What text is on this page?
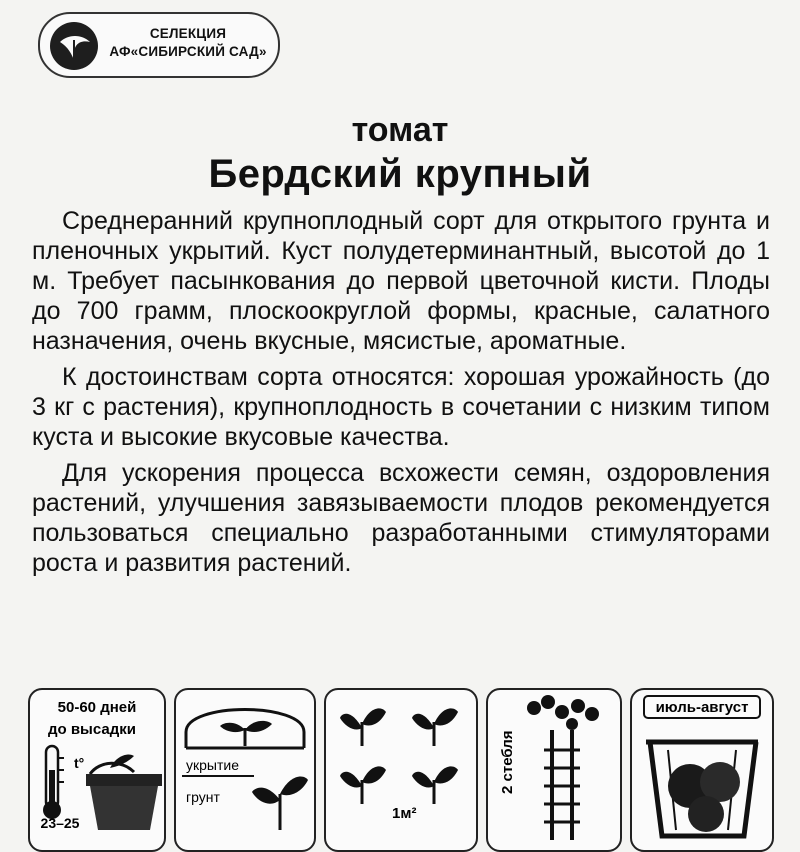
СЕЛЕКЦИЯ
АФ«СИБИРСКИЙ САД»
томат
Бердский крупный

Среднеранний крупноплодный сорт для открытого грунта и пленочных укрытий. Куст полудетерминантный, высотой до 1 м. Требует пасынкования до первой цветочной кисти. Плоды до 700 грамм, плоскоокруглой формы, красные, салатного назначения, очень вкусные, мясистые, ароматные.

К достоинствам сорта относятся: хорошая урожайность (до 3 кг с растения), крупноплодность в сочетании с низким типом куста и высокие вкусовые качества.

Для ускорения процесса всхожести семян, оздоровления растений, улучшения завязываемости плодов рекомендуется пользоваться специально разработанными стимуляторами роста и развития растений.

50-60 дней
до высадки
t°
23–25
укрытие
грунт
1м²
2 стебля
июль-август
